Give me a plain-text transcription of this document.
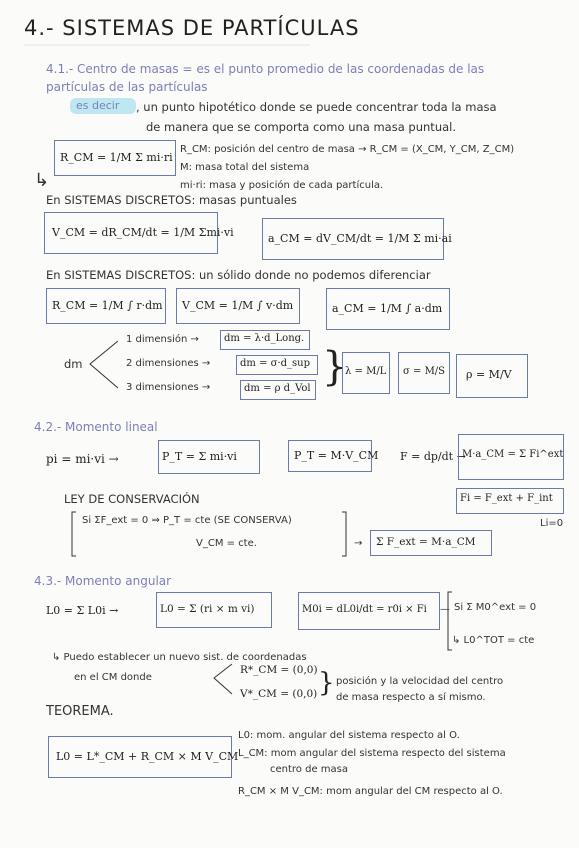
4.- SISTEMAS DE PARTÍCULAS
4.1.- Centro de masas = es el punto promedio de las coordenadas de las
partículas de las partículas
es decir , un punto hipotético donde se puede concentrar toda la masa
de manera que se comporta como una masa puntual.
R_CM = 1/M Σ mi·ri
R_CM: posición del centro de masa → R_CM = (X_CM, Y_CM, Z_CM)
M: masa total del sistema
mi·ri: masa y posición de cada partícula.
↳
En SISTEMAS DISCRETOS: masas puntuales
V_CM = dR_CM/dt = 1/M Σmi·vi	a_CM = dV_CM/dt = 1/M Σ mi·ai
En SISTEMAS DISCRETOS: un sólido donde no podemos diferenciar
R_CM = 1/M ∫ r·dm V_CM = 1/M ∫ v·dm	a_CM = 1/M ∫ a·dm
dm
1 dimensión →	dm = λ·d_Long.
2 dimensiones →	dm = σ·d_sup
3 dimensiones →	dm = ρ d_Vol }
λ = M/L σ = M/S ρ = M/V
4.2.- Momento lineal
pi = mi·vi →	P_T = Σ mi·vi	P_T = M·V_CM F = dp/dt →
M·a_CM = Σ Fi^ext
Fi = F_ext + F_int
Li=0
LEY DE CONSERVACIÓN
Si ΣF_ext = 0 ⇒ P_T = cte (SE CONSERVA)
V_CM = cte.	→ Σ F_ext = M·a_CM
4.3.- Momento angular
L0 = Σ L0i →	L0 = Σ (ri × m vi)	M0i = dL0i/dt = r0i × Fi — Si Σ M0^ext = 0
↳ L0^TOT = cte
↳ Puedo establecer un nuevo sist. de coordenadas
en el CM donde
R*_CM = (0,0)
V*_CM = (0,0) } posición y la velocidad del centro
de masa respecto a sí mismo.
TEOREMA.
L0 = L*_CM + R_CM × M V_CM
L0: mom. angular del sistema respecto al O.
L_CM: mom angular del sistema respecto del sistema
centro de masa
R_CM × M V_CM: mom angular del CM respecto al O.
